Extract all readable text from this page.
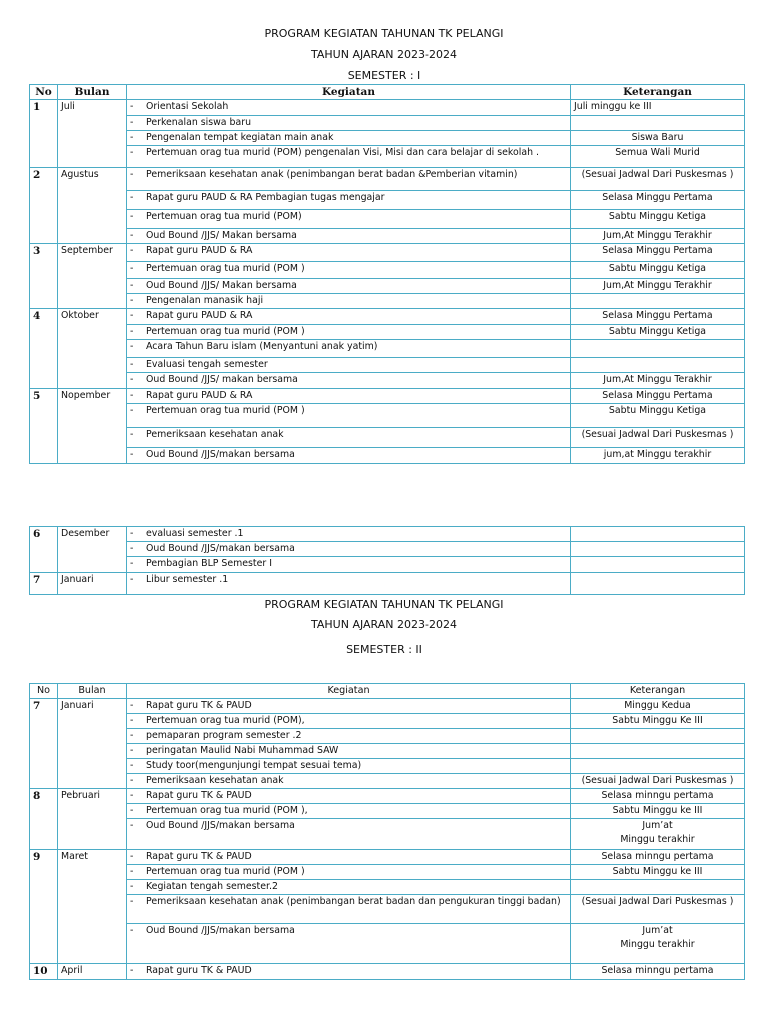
PROGRAM KEGIATAN TAHUNAN TK PELANGI
TAHUN AJARAN 2023-2024
SEMESTER : I
No	Bulan	Kegiatan	Keterangan
1	Juli	- Orientasi Sekolah	Juli minggu ke III

		- Perkenalan siswa baru	

		- Pengenalan tempat kegiatan main anak	Siswa Baru

		- Pertemuan orag tua murid (POM) pengenalan Visi, Misi dan cara belajar di sekolah .	Semua Wali Murid

2	Agustus	- Pemeriksaan kesehatan anak (penimbangan berat badan &Pemberian vitamin)	(Sesuai Jadwal Dari Puskesmas )

		- Rapat guru PAUD & RA Pembagian tugas mengajar	Selasa Minggu Pertama

		- Pertemuan orag tua murid (POM)	Sabtu Minggu Ketiga

		- Oud Bound /JJS/ Makan bersama	Jum,At Minggu Terakhir

3	September	- Rapat guru PAUD & RA	Selasa Minggu Pertama

		- Pertemuan orag tua murid (POM )	Sabtu Minggu Ketiga

		- Oud Bound /JJS/ Makan bersama	Jum,At Minggu Terakhir

		- Pengenalan manasik haji	

4	Oktober	- Rapat guru PAUD & RA	Selasa Minggu Pertama

		- Pertemuan orag tua murid (POM )	Sabtu Minggu Ketiga

		- Acara Tahun Baru islam (Menyantuni anak yatim)	

		- Evaluasi tengah semester	

		- Oud Bound /JJS/ makan bersama	Jum,At Minggu Terakhir

5	Nopember	- Rapat guru PAUD & RA	Selasa Minggu Pertama

		- Pertemuan orag tua murid (POM )	Sabtu Minggu Ketiga

		- Pemeriksaan kesehatan anak	(Sesuai Jadwal Dari Puskesmas )

		- Oud Bound /JJS/makan bersama	jum,at Minggu terakhir
6	Desember	- evaluasi semester .1	

		- Oud Bound /JJS/makan bersama	

		- Pembagian BLP Semester I	

7	Januari	- Libur semester .1	
PROGRAM KEGIATAN TAHUNAN TK PELANGI
TAHUN AJARAN 2023-2024
SEMESTER : II
No	Bulan	Kegiatan	Keterangan
7	Januari	- Rapat guru TK & PAUD	Minggu Kedua

		- Pertemuan orag tua murid (POM),	Sabtu Minggu Ke III

		- pemaparan program semester .2	

		- peringatan Maulid Nabi Muhammad SAW	

		- Study toor(mengunjungi tempat sesuai tema)	

		- Pemeriksaan kesehatan anak	(Sesuai Jadwal Dari Puskesmas )

8	Pebruari	- Rapat guru TK & PAUD	Selasa minngu pertama

		- Pertemuan orag tua murid (POM ),	Sabtu Minggu ke III

		- Oud Bound /JJS/makan bersama	Jum’at
Minggu terakhir

9	Maret	- Rapat guru TK & PAUD	Selasa minngu pertama

		- Pertemuan orag tua murid (POM )	Sabtu Minggu ke III

		- Kegiatan tengah semester.2	

		- Pemeriksaan kesehatan anak (penimbangan berat badan dan pengukuran tinggi badan)	(Sesuai Jadwal Dari Puskesmas )

		- Oud Bound /JJS/makan bersama	Jum’at
Minggu terakhir

10	April	- Rapat guru TK & PAUD	Selasa minngu pertama
